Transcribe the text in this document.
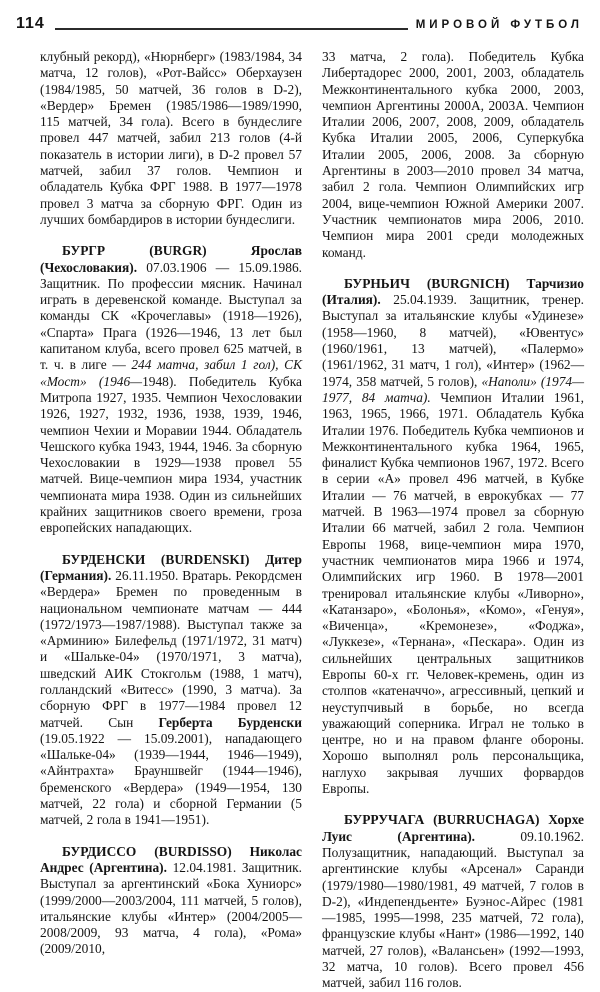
114	МИРОВОЙ ФУТБОЛ

клубный рекорд), «Нюрнберг» (1983/1984, 34 матча, 12 голов), «Рот-Вайсс» Оберхаузен (1984/1985, 50 матчей, 36 голов в D-2), «Вердер» Бремен (1985/1986—1989/1990, 115 матчей, 34 гола). Всего в бундеслиге провел 447 матчей, забил 213 голов (4-й показатель в истории лиги), в D-2 провел 57 матчей, забил 37 голов. Чемпион и обладатель Кубка ФРГ 1988. В 1977—1978 провел 3 матча за сборную ФРГ. Один из лучших бомбардиров в истории бундеслиги.

БУРГР (BURGR) Ярослав (Чехословакия). 07.03.1906 — 15.09.1986. Защитник. По профессии мясник. Начинал играть в деревенской команде. Выступал за команды СК «Крочеглавы» (1918—1926), «Спарта» Прага (1926—1946, 13 лет был капитаном клуба, всего провел 625 матчей, в т. ч. в лиге — 244 матча, забил 1 гол), СК «Мост» (1946—1948). Победитель Кубка Митропа 1927, 1935. Чемпион Чехословакии 1926, 1927, 1932, 1936, 1938, 1939, 1946, чемпион Чехии и Моравии 1944. Обладатель Чешского кубка 1943, 1944, 1946. За сборную Чехословакии в 1929—1938 провел 55 матчей. Вице-чемпион мира 1934, участник чемпионата мира 1938. Один из сильнейших крайних защитников своего времени, гроза европейских нападающих.

БУРДЕНСКИ (BURDENSKI) Дитер (Германия). 26.11.1950. Вратарь. Рекордсмен «Вердера» Бремен по проведенным в национальном чемпионате матчам — 444 (1972/1973—1987/1988). Выступал также за «Арминию» Билефельд (1971/1972, 31 матч) и «Шальке-04» (1970/1971, 3 матча), шведский АИК Стокгольм (1988, 1 матч), голландский «Витесс» (1990, 3 матча). За сборную ФРГ в 1977—1984 провел 12 матчей. Сын Герберта Бурденски (19.05.1922 — 15.09.2001), нападающего «Шальке-04» (1939—1944, 1946—1949), «Айнтрахта» Брауншвейг (1944—1946), бременского «Вердера» (1949—1954, 130 матчей, 22 гола) и сборной Германии (5 матчей, 2 гола в 1941—1951).

БУРДИССО (BURDISSO) Николас Андрес (Аргентина). 12.04.1981. Защитник. Выступал за аргентинский «Бока Хуниорс» (1999/2000—2003/2004, 111 матчей, 5 голов), итальянские клубы «Интер» (2004/2005—2008/2009, 93 матча, 4 гола), «Рома» (2009/2010,

33 матча, 2 гола). Победитель Кубка Либертадорес 2000, 2001, 2003, обладатель Межконтинентального кубка 2000, 2003, чемпион Аргентины 2000А, 2003А. Чемпион Италии 2006, 2007, 2008, 2009, обладатель Кубка Италии 2005, 2006, Суперкубка Италии 2005, 2006, 2008. За сборную Аргентины в 2003—2010 провел 34 матча, забил 2 гола. Чемпион Олимпийских игр 2004, вице-чемпион Южной Америки 2007. Участник чемпионатов мира 2006, 2010. Чемпион мира 2001 среди молодежных команд.

БУРНЬИЧ (BURGNICH) Тарчизио (Италия). 25.04.1939. Защитник, тренер. Выступал за итальянские клубы «Удинезе» (1958—1960, 8 матчей), «Ювентус» (1960/1961, 13 матчей), «Палермо» (1961/1962, 31 матч, 1 гол), «Интер» (1962—1974, 358 матчей, 5 голов), «Наполи» (1974—1977, 84 матча). Чемпион Италии 1961, 1963, 1965, 1966, 1971. Обладатель Кубка Италии 1976. Победитель Кубка чемпионов и Межконтинентального кубка 1964, 1965, финалист Кубка чемпионов 1967, 1972. Всего в серии «А» провел 496 матчей, в Кубке Италии — 76 матчей, в еврокубках — 77 матчей. В 1963—1974 провел за сборную Италии 66 матчей, забил 2 гола. Чемпион Европы 1968, вице-чемпион мира 1970, участник чемпионатов мира 1966 и 1974, Олимпийских игр 1960. В 1978—2001 тренировал итальянские клубы «Ливорно», «Катанзаро», «Болонья», «Комо», «Генуя», «Виченца», «Кремонезе», «Фоджа», «Луккезе», «Тернана», «Пескара». Один из сильнейших центральных защитников Европы 60-х гг. Человек-кремень, один из столпов «катеначчо», агрессивный, цепкий и неуступчивый в борьбе, но всегда уважающий соперника. Играл не только в центре, но и на правом фланге обороны. Хорошо выполнял роль персональщика, наглухо закрывая лучших форвардов Европы.

БУРРУЧАГА (BURRUCHAGA) Хорхе Луис (Аргентина). 09.10.1962. Полузащитник, нападающий. Выступал за аргентинские клубы «Арсенал» Саранди (1979/1980—1980/1981, 49 матчей, 7 голов в D-2), «Индепендьенте» Буэнос-Айрес (1981—1985, 1995—1998, 235 матчей, 72 гола), французские клубы «Нант» (1986—1992, 140 матчей, 27 голов), «Валансьен» (1992—1993, 32 матча, 10 голов). Всего провел 456 матчей, забил 116 голов.
